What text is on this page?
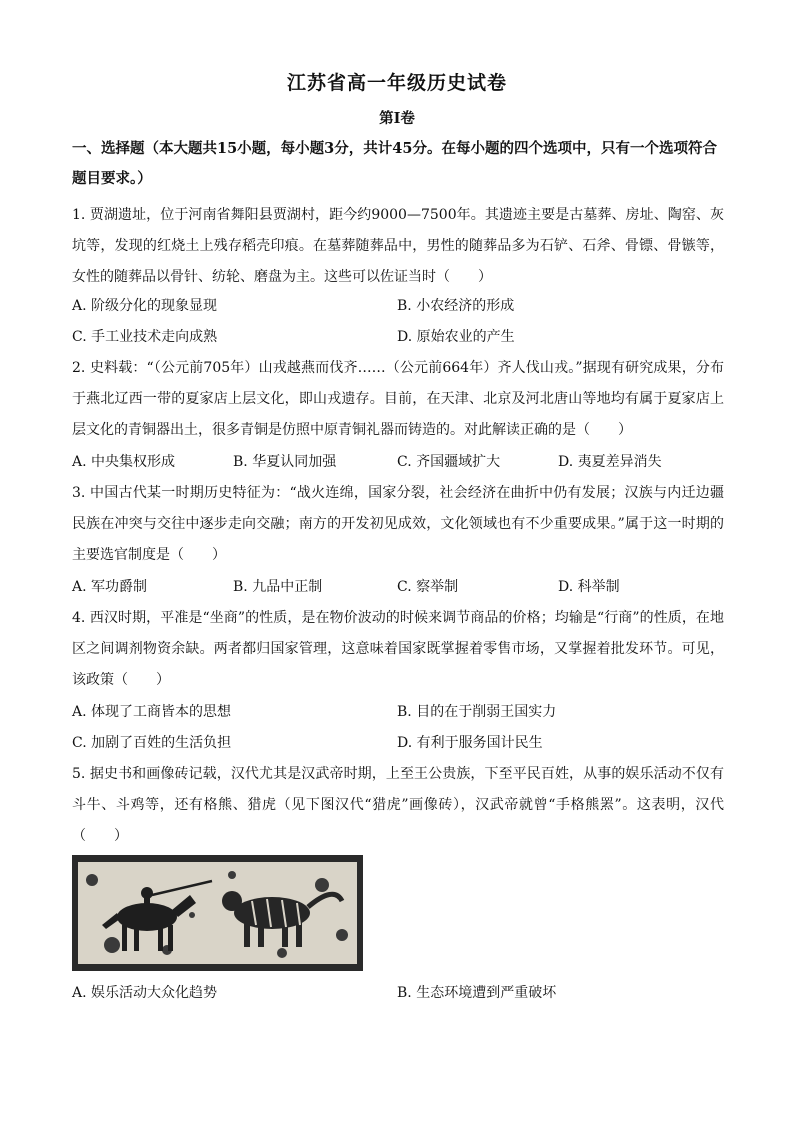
江苏省高一年级历史试卷
第Ⅰ卷
一、选择题（本大题共15小题，每小题3分，共计45分。在每小题的四个选项中，只有一个选项符合题目要求。）
1. 贾湖遗址，位于河南省舞阳县贾湖村，距今约9000—7500年。其遗迹主要是古墓葬、房址、陶窑、灰坑等，发现的红烧土上残存稻壳印痕。在墓葬随葬品中，男性的随葬品多为石铲、石斧、骨镖、骨镞等，女性的随葬品以骨针、纺轮、磨盘为主。这些可以佐证当时（　　）
A. 阶级分化的现象显现	B. 小农经济的形成
C. 手工业技术走向成熟	D. 原始农业的产生
2. 史料载：“（公元前705年）山戎越燕而伐齐……（公元前664年）齐人伐山戎。”据现有研究成果，分布于燕北辽西一带的夏家店上层文化，即山戎遗存。目前，在天津、北京及河北唐山等地均有属于夏家店上层文化的青铜器出土，很多青铜是仿照中原青铜礼器而铸造的。对此解读正确的是（　　）
A. 中央集权形成	B. 华夏认同加强	C. 齐国疆域扩大	D. 夷夏差异消失
3. 中国古代某一时期历史特征为：“战火连绵，国家分裂，社会经济在曲折中仍有发展；汉族与内迁边疆民族在冲突与交往中逐步走向交融；南方的开发初见成效，文化领域也有不少重要成果。”属于这一时期的主要选官制度是（　　）
A. 军功爵制	B. 九品中正制	C. 察举制	D. 科举制
4. 西汉时期，平准是“坐商”的性质，是在物价波动的时候来调节商品的价格；均输是“行商”的性质，在地区之间调剂物资余缺。两者都归国家管理，这意味着国家既掌握着零售市场，又掌握着批发环节。可见，该政策（　　）
A. 体现了工商皆本的思想	B. 目的在于削弱王国实力
C. 加剧了百姓的生活负担	D. 有利于服务国计民生
5. 据史书和画像砖记载，汉代尤其是汉武帝时期，上至王公贵族，下至平民百姓，从事的娱乐活动不仅有斗牛、斗鸡等，还有格熊、猎虎（见下图汉代“猎虎”画像砖），汉武帝就曾“手格熊罴”。这表明，汉代（　　）
A. 娱乐活动大众化趋势	B. 生态环境遭到严重破坏
